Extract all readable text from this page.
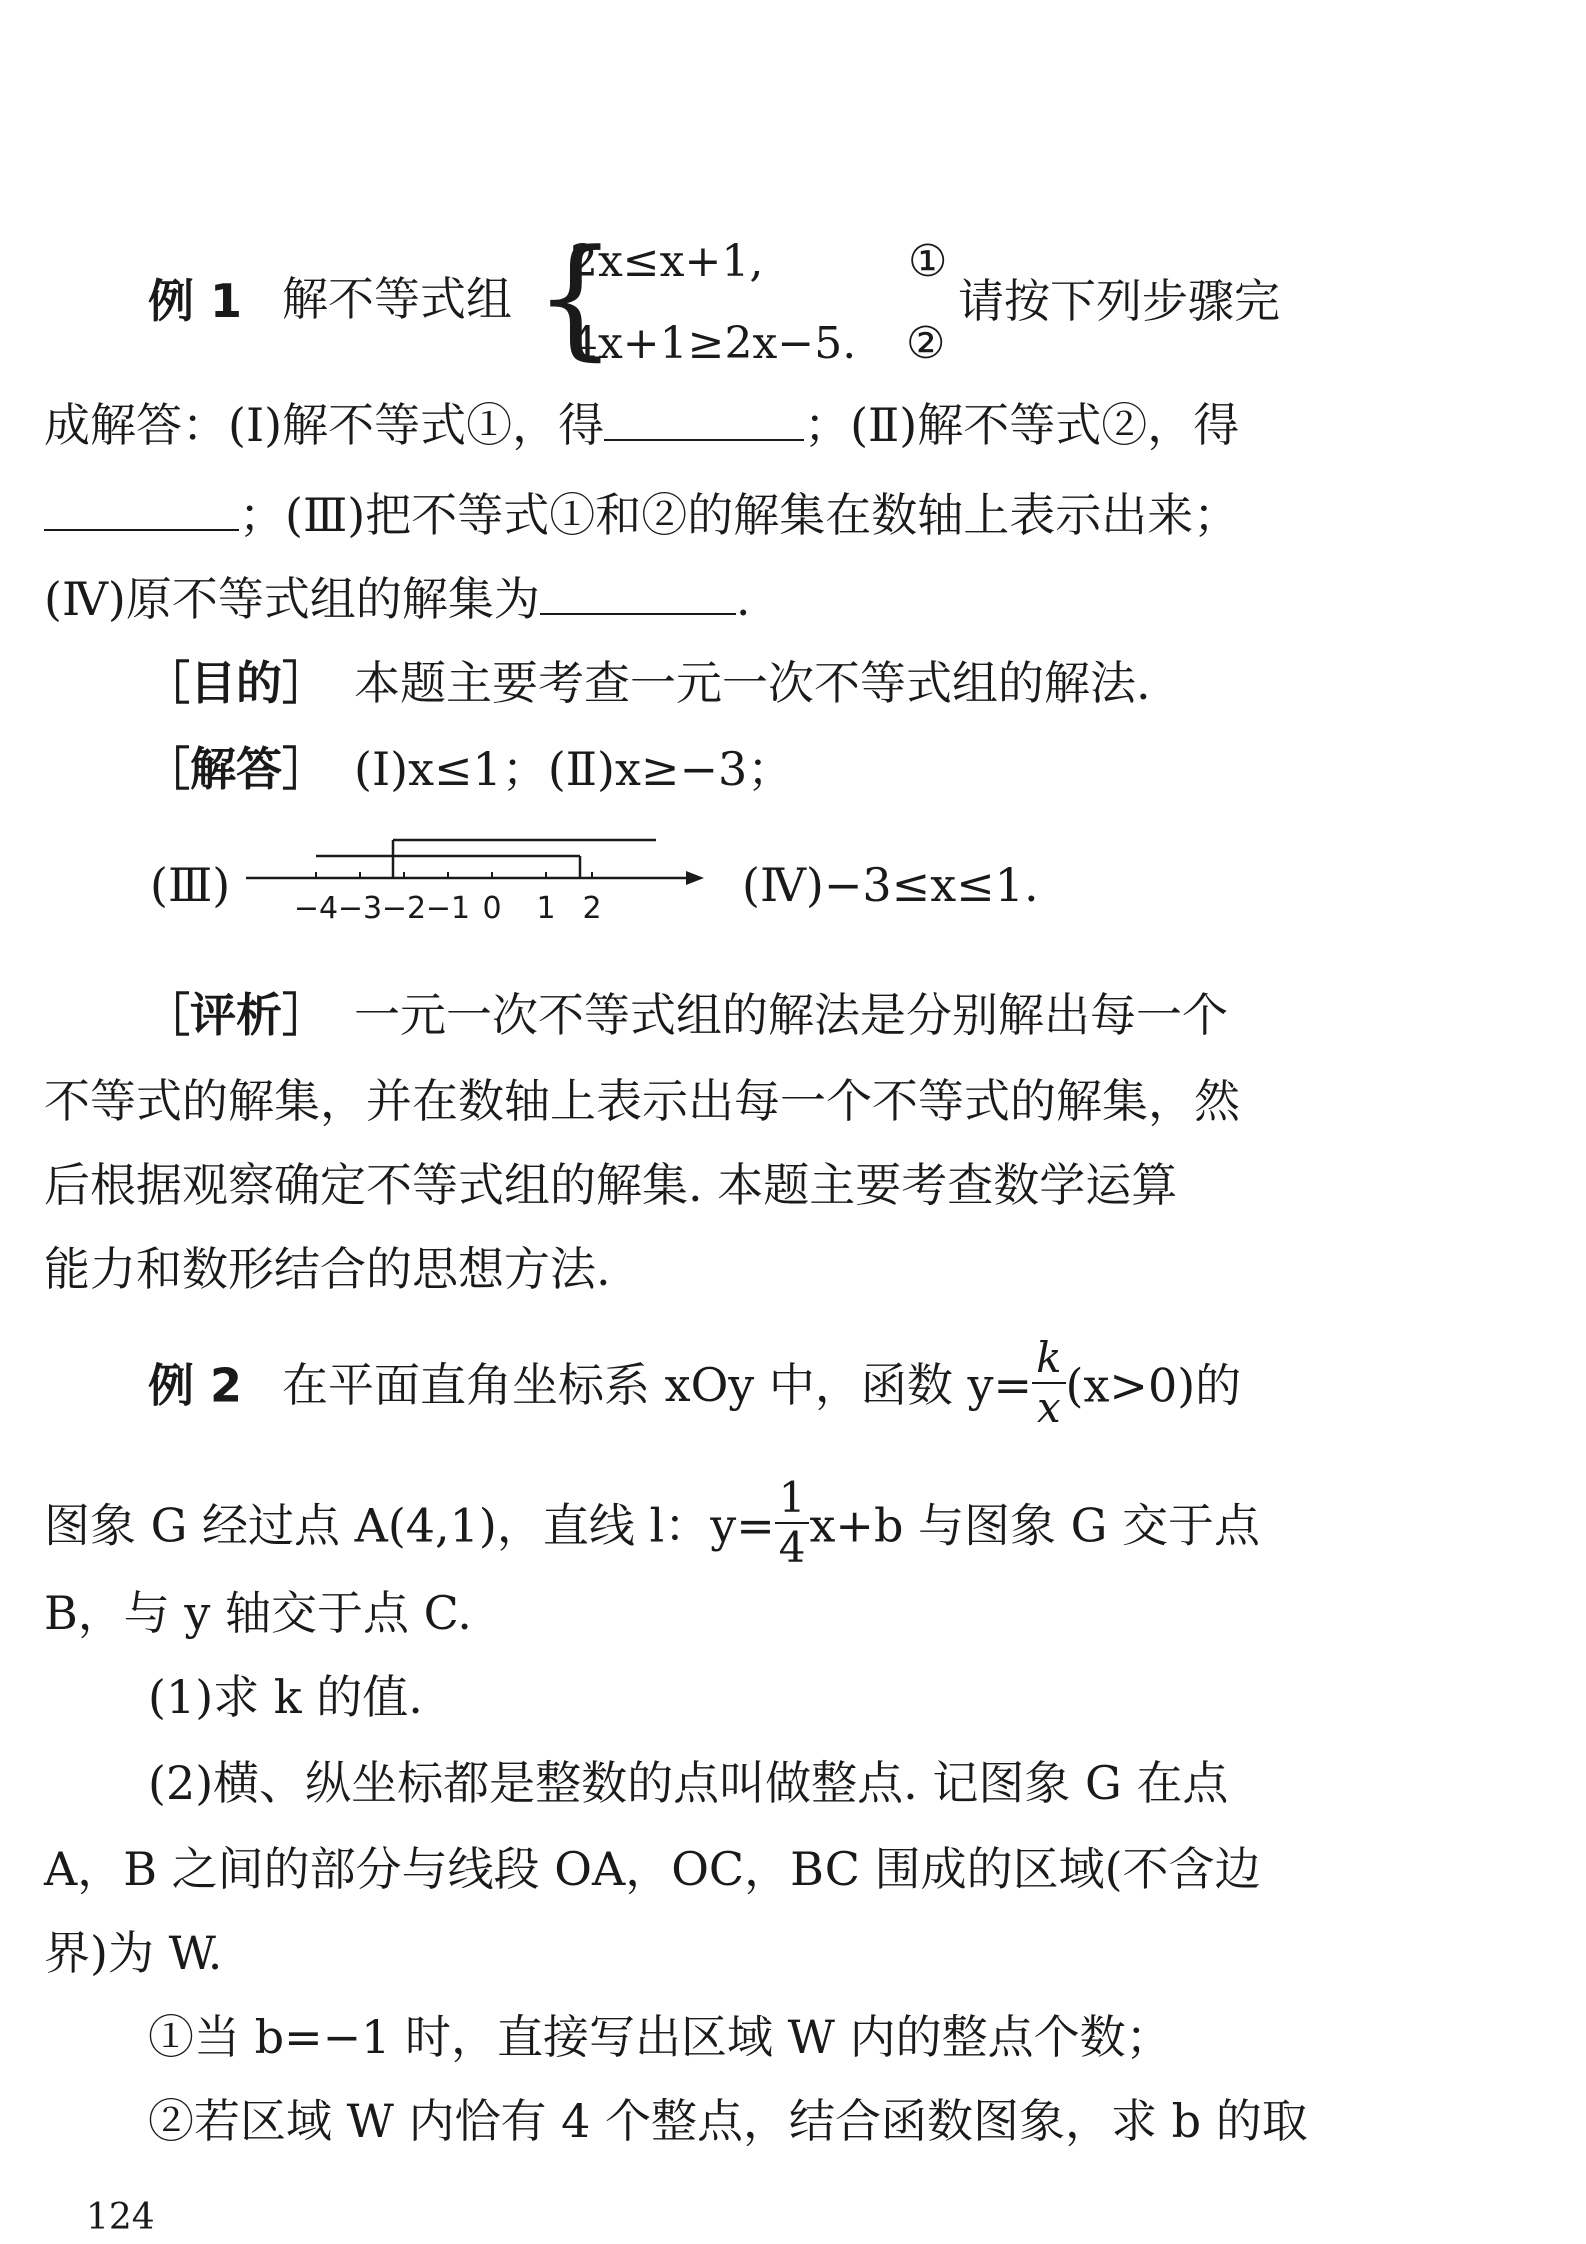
例 1 解不等式组 {
2x≤x+1,	①
4x+1≥2x−5. ②
请按下列步骤完
成解答：(Ⅰ)解不等式①，得	；(Ⅱ)解不等式②，得
；(Ⅲ)把不等式①和②的解集在数轴上表示出来；
(Ⅳ)原不等式组的解集为	.
［目的］ 本题主要考查一元一次不等式组的解法.
［解答］ (Ⅰ)x≤1；(Ⅱ)x≥−3；
(Ⅲ) −4 −3 −2 −1 0 1 2	(Ⅳ)−3≤x≤1.
［评析］ 一元一次不等式组的解法是分别解出每一个
不等式的解集，并在数轴上表示出每一个不等式的解集，然
后根据观察确定不等式组的解集. 本题主要考查数学运算
能力和数形结合的思想方法.
例 2 在平面直角坐标系 xOy 中，函数 $y= \frac{k}{x} (x>0)$的
图象 G 经过点 A(4,1)，直线 l：$y= \frac{1}{4} x+b$ 与图象 G 交于点
B，与 y 轴交于点 C.
(1)求 k 的值.
(2)横、纵坐标都是整数的点叫做整点. 记图象 G 在点
A，B 之间的部分与线段 OA，OC，BC 围成的区域(不含边
界)为 W.
①当 b=−1 时，直接写出区域 W 内的整点个数；
②若区域 W 内恰有 4 个整点，结合函数图象，求 b 的取
124
